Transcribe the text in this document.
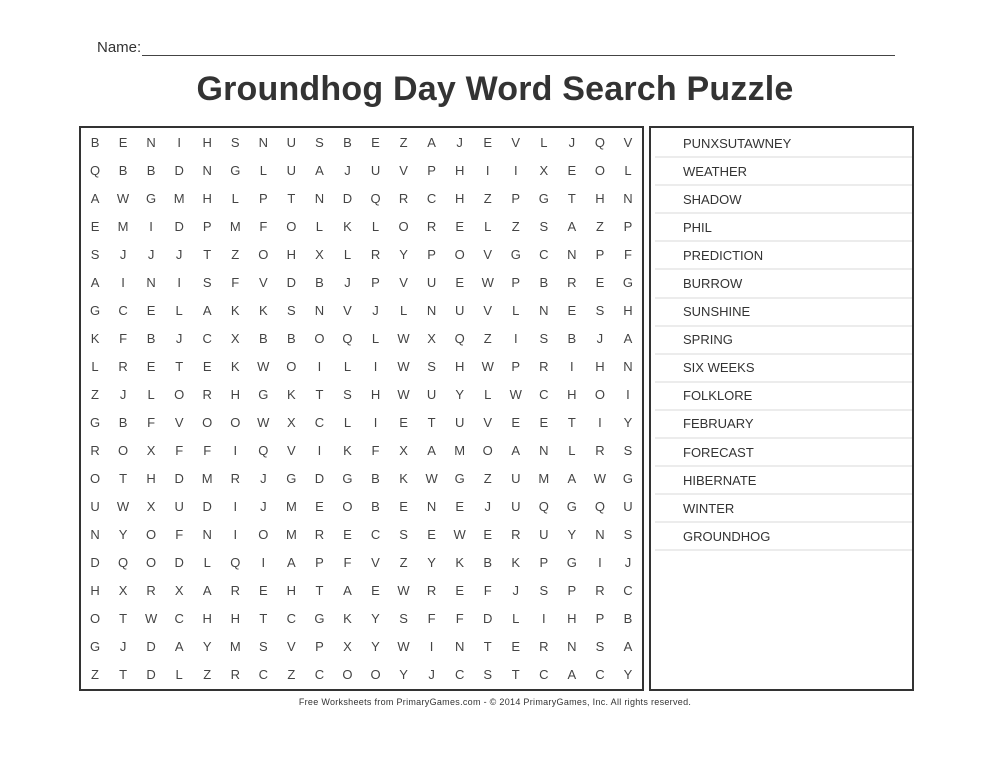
Name:
Groundhog Day Word Search Puzzle
B	E	N	I	H	S	N	U	S	B	E	Z	A	J	E	V	L	J	Q	V
Q	B	B	D	N	G	L	U	A	J	U	V	P	H	I	I	X	E	O	L
A	W	G	M	H	L	P	T	N	D	Q	R	C	H	Z	P	G	T	H	N
E	M	I	D	P	M	F	O	L	K	L	O	R	E	L	Z	S	A	Z	P
S	J	J	J	T	Z	O	H	X	L	R	Y	P	O	V	G	C	N	P	F
A	I	N	I	S	F	V	D	B	J	P	V	U	E	W	P	B	R	E	G
G	C	E	L	A	K	K	S	N	V	J	L	N	U	V	L	N	E	S	H
K	F	B	J	C	X	B	B	O	Q	L	W	X	Q	Z	I	S	B	J	A
L	R	E	T	E	K	W	O	I	L	I	W	S	H	W	P	R	I	H	N
Z	J	L	O	R	H	G	K	T	S	H	W	U	Y	L	W	C	H	O	I
G	B	F	V	O	O	W	X	C	L	I	E	T	U	V	E	E	T	I	Y
R	O	X	F	F	I	Q	V	I	K	F	X	A	M	O	A	N	L	R	S
O	T	H	D	M	R	J	G	D	G	B	K	W	G	Z	U	M	A	W	G
U	W	X	U	D	I	J	M	E	O	B	E	N	E	J	U	Q	G	Q	U
N	Y	O	F	N	I	O	M	R	E	C	S	E	W	E	R	U	Y	N	S
D	Q	O	D	L	Q	I	A	P	F	V	Z	Y	K	B	K	P	G	I	J
H	X	R	X	A	R	E	H	T	A	E	W	R	E	F	J	S	P	R	C
O	T	W	C	H	H	T	C	G	K	Y	S	F	F	D	L	I	H	P	B
G	J	D	A	Y	M	S	V	P	X	Y	W	I	N	T	E	R	N	S	A
Z	T	D	L	Z	R	C	Z	C	O	O	Y	J	C	S	T	C	A	C	Y
PUNXSUTAWNEY
WEATHER
SHADOW
PHIL
PREDICTION
BURROW
SUNSHINE
SPRING
SIX WEEKS
FOLKLORE
FEBRUARY
FORECAST
HIBERNATE
WINTER
GROUNDHOG
Free Worksheets from PrimaryGames.com - © 2014 PrimaryGames, Inc. All rights reserved.
